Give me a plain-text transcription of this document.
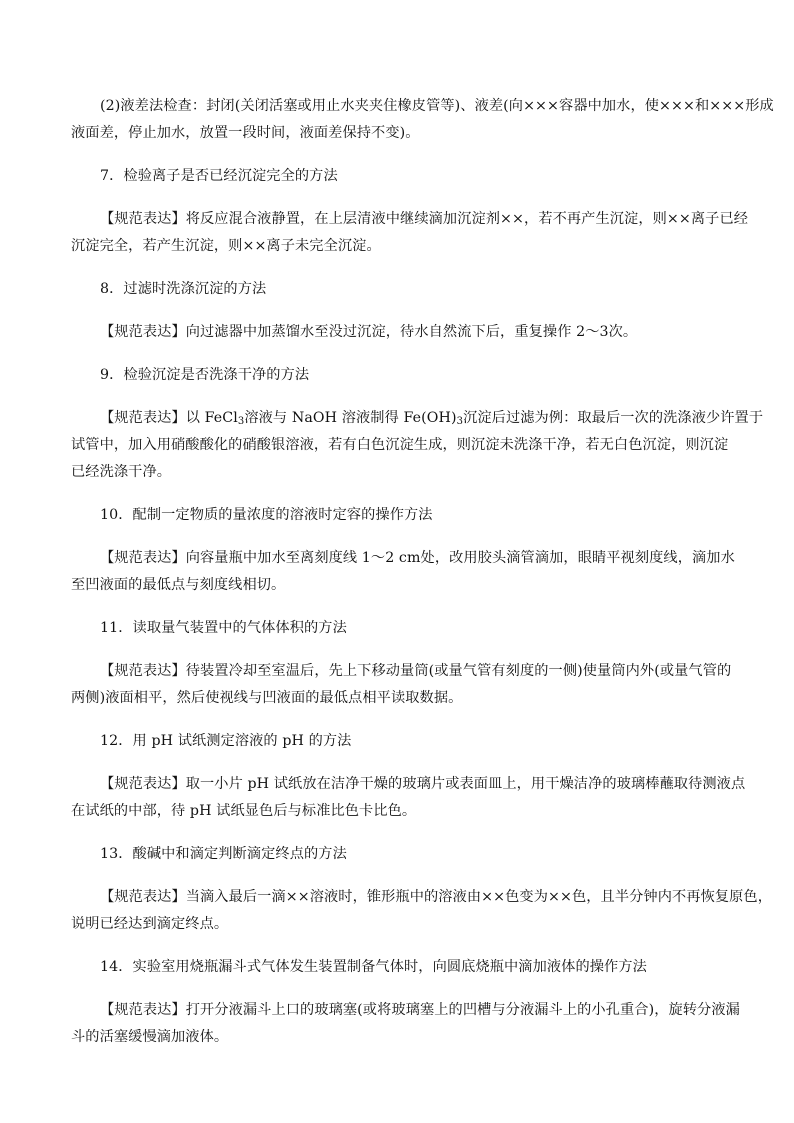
(2)液差法检查：封闭(关闭活塞或用止水夹夹住橡皮管等)、液差(向×××容器中加水，使×××和×××形成
液面差，停止加水，放置一段时间，液面差保持不变)。

7．检验离子是否已经沉淀完全的方法

【规范表达】将反应混合液静置，在上层清液中继续滴加沉淀剂××，若不再产生沉淀，则××离子已经
沉淀完全，若产生沉淀，则××离子未完全沉淀。

8．过滤时洗涤沉淀的方法

【规范表达】向过滤器中加蒸馏水至没过沉淀，待水自然流下后，重复操作 2～3次。

9．检验沉淀是否洗涤干净的方法

【规范表达】以 FeCl$_3$溶液与 NaOH 溶液制得 $Fe(OH)_3$沉淀后过滤为例：取最后一次的洗涤液少许置于
试管中，加入用硝酸酸化的硝酸银溶液，若有白色沉淀生成，则沉淀未洗涤干净，若无白色沉淀，则沉淀
已经洗涤干净。

10．配制一定物质的量浓度的溶液时定容的操作方法

【规范表达】向容量瓶中加水至离刻度线 1～2 cm处，改用胶头滴管滴加，眼睛平视刻度线，滴加水
至凹液面的最低点与刻度线相切。

11．读取量气装置中的气体体积的方法

【规范表达】待装置冷却至室温后，先上下移动量筒(或量气管有刻度的一侧)使量筒内外(或量气管的
两侧)液面相平，然后使视线与凹液面的最低点相平读取数据。

12．用 pH 试纸测定溶液的 pH 的方法

【规范表达】取一小片 pH 试纸放在洁净干燥的玻璃片或表面皿上，用干燥洁净的玻璃棒蘸取待测液点
在试纸的中部，待 pH 试纸显色后与标准比色卡比色。

13．酸碱中和滴定判断滴定终点的方法

【规范表达】当滴入最后一滴××溶液时，锥形瓶中的溶液由××色变为××色，且半分钟内不再恢复原色，
说明已经达到滴定终点。

14．实验室用烧瓶漏斗式气体发生装置制备气体时，向圆底烧瓶中滴加液体的操作方法

【规范表达】打开分液漏斗上口的玻璃塞(或将玻璃塞上的凹槽与分液漏斗上的小孔重合)，旋转分液漏
斗的活塞缓慢滴加液体。
